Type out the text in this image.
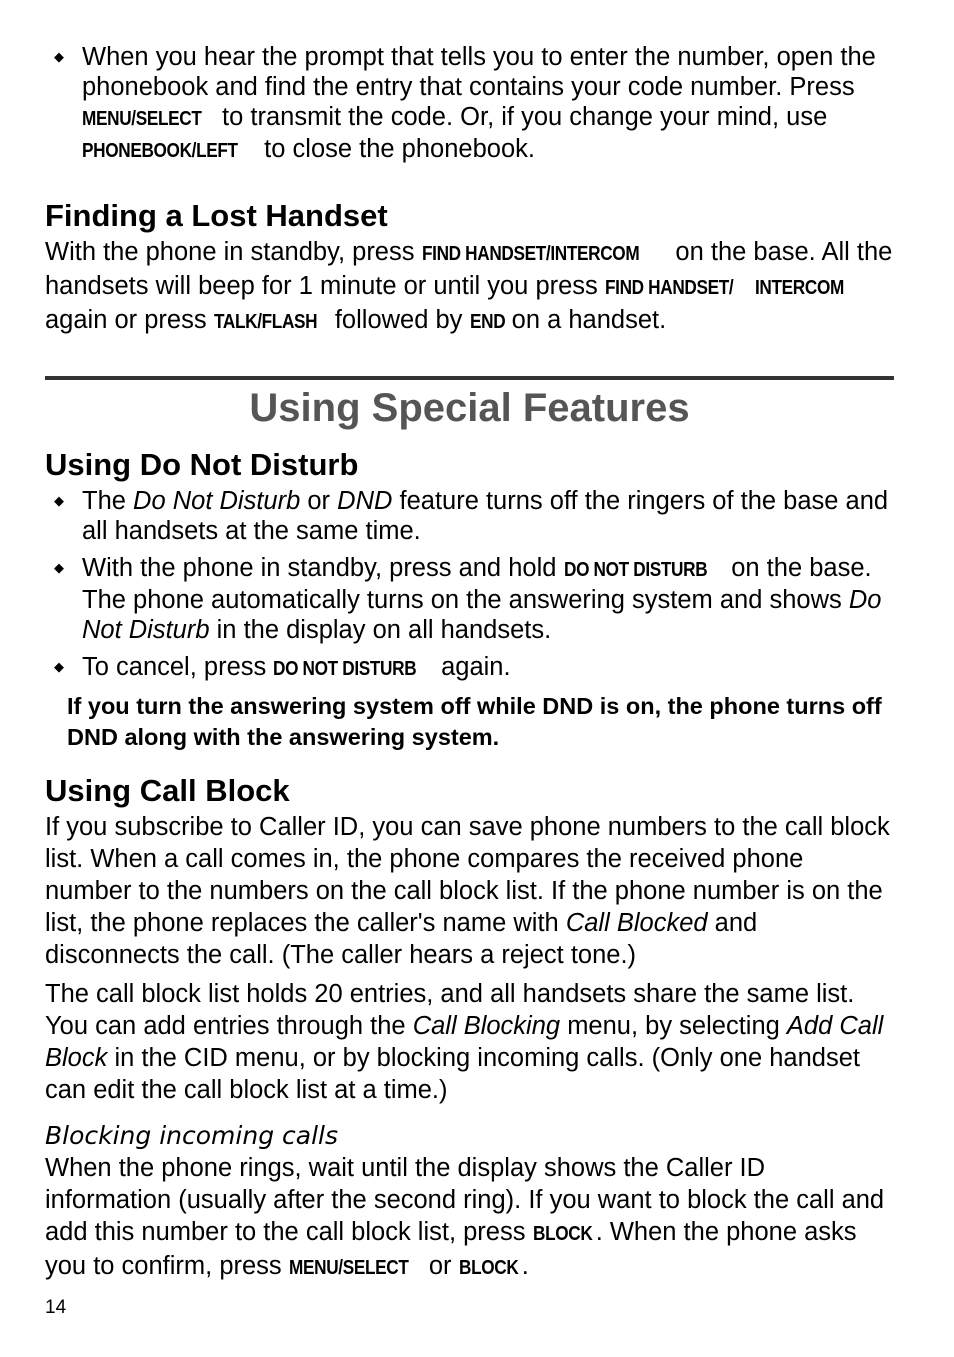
◆ When you hear the prompt that tells you to enter the number, open the phonebook and find the entry that contains your code number. Press MENU/SELECT to transmit the code. Or, if you change your mind, use PHONEBOOK/LEFT to close the phonebook.
Finding a Lost Handset

With the phone in standby, press FIND HANDSET/INTERCOM on the base. All the handsets will beep for 1 minute or until you press FIND HANDSET/ INTERCOM again or press TALK/FLASH followed by END on a handset.

Using Special Features
Using Do Not Disturb
◆ The Do Not Disturb or DND feature turns off the ringers of the base and all handsets at the same time.
◆ With the phone in standby, press and hold DO NOT DISTURB on the base. The phone automatically turns on the answering system and shows Do Not Disturb in the display on all handsets.
◆ To cancel, press DO NOT DISTURB again.

If you turn the answering system off while DND is on, the phone turns off DND along with the answering system.

Using Call Block

If you subscribe to Caller ID, you can save phone numbers to the call block list. When a call comes in, the phone compares the received phone number to the numbers on the call block list. If the phone number is on the list, the phone replaces the caller's name with Call Blocked and disconnects the call. (The caller hears a reject tone.)

The call block list holds 20 entries, and all handsets share the same list. You can add entries through the Call Blocking menu, by selecting Add Call Block in the CID menu, or by blocking incoming calls. (Only one handset can edit the call block list at a time.)

Blocking incoming calls

When the phone rings, wait until the display shows the Caller ID information (usually after the second ring). If you want to block the call and add this number to the call block list, press BLOCK . When the phone asks you to confirm, press MENU/SELECT or BLOCK .

14
